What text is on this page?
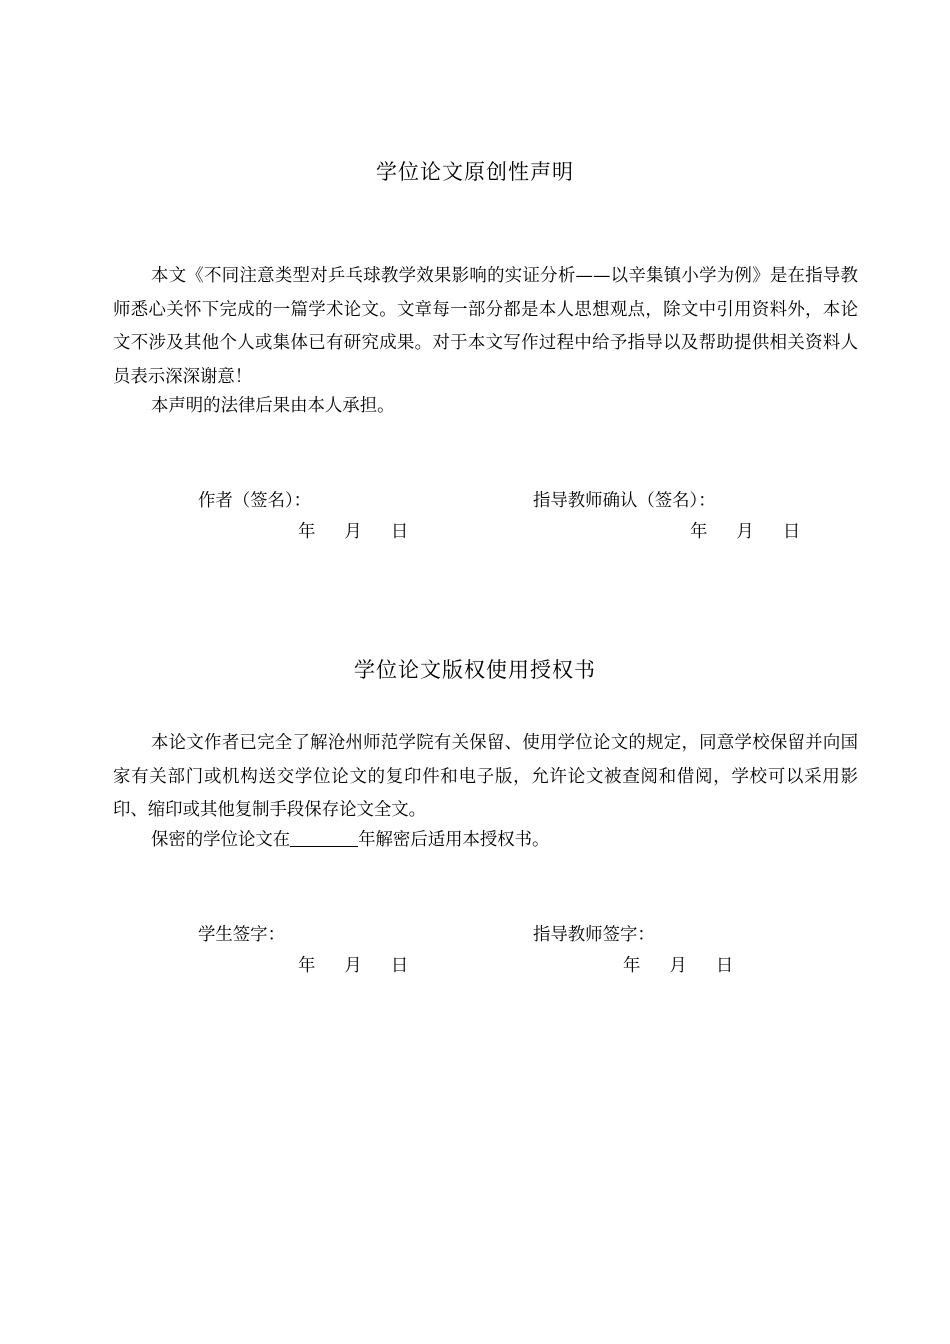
学位论文原创性声明

本文《不同注意类型对乒乓球教学效果影响的实证分析——以辛集镇小学为例》是在指导教师悉心关怀下完成的一篇学术论文。文章每一部分都是本人思想观点，除文中引用资料外，本论文不涉及其他个人或集体已有研究成果。对于本文写作过程中给予指导以及帮助提供相关资料人员表示深深谢意！

本声明的法律后果由本人承担。

作者（签名）：	指导教师确认（签名）：
年 月 日	年 月 日
学位论文版权使用授权书

本论文作者已完全了解沧州师范学院有关保留、使用学位论文的规定，同意学校保留并向国家有关部门或机构送交学位论文的复印件和电子版，允许论文被查阅和借阅，学校可以采用影印、缩印或其他复制手段保存论文全文。

保密的学位论文在	年解密后适用本授权书。

学生签字：	指导教师签字：
年 月 日	年 月 日
